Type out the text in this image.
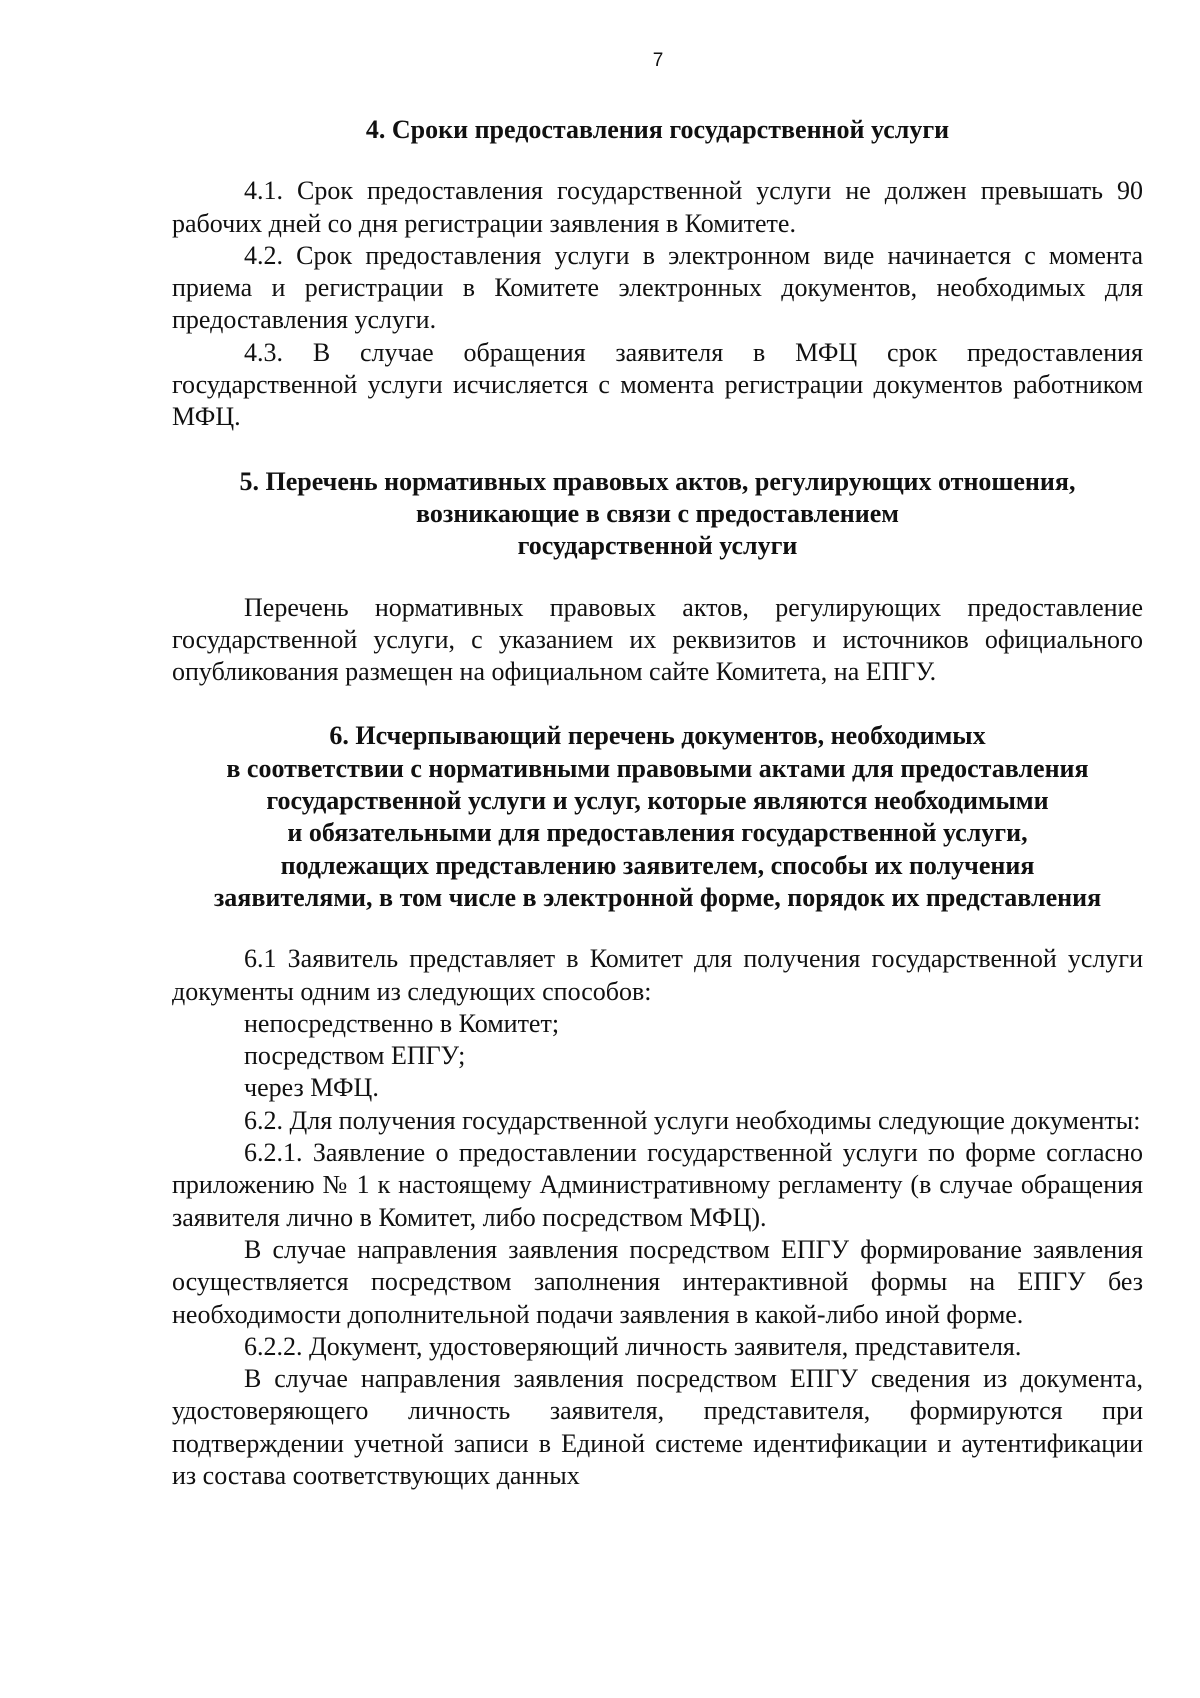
7
4. Сроки предоставления государственной услуги

4.1. Срок предоставления государственной услуги не должен превышать 90 рабочих дней со дня регистрации заявления в Комитете.

4.2. Срок предоставления услуги в электронном виде начинается с момента приема и регистрации в Комитете электронных документов, необходимых для предоставления услуги.

4.3. В случае обращения заявителя в МФЦ срок предоставления государственной услуги исчисляется с момента регистрации документов работником МФЦ.

5. Перечень нормативных правовых актов, регулирующих отношения,
возникающие в связи с предоставлением
государственной услуги

Перечень нормативных правовых актов, регулирующих предоставление государственной услуги, с указанием их реквизитов и источников официального опубликования размещен на официальном сайте Комитета, на ЕПГУ.

6. Исчерпывающий перечень документов, необходимых
в соответствии с нормативными правовыми актами для предоставления
государственной услуги и услуг, которые являются необходимыми
и обязательными для предоставления государственной услуги,
подлежащих представлению заявителем, способы их получения
заявителями, в том числе в электронной форме, порядок их представления

6.1 Заявитель представляет в Комитет для получения государственной услуги документы одним из следующих способов:

непосредственно в Комитет;

посредством ЕПГУ;

через МФЦ.

6.2. Для получения государственной услуги необходимы следующие документы:

6.2.1. Заявление о предоставлении государственной услуги по форме согласно приложению № 1 к настоящему Административному регламенту (в случае обращения заявителя лично в Комитет, либо посредством МФЦ).

В случае направления заявления посредством ЕПГУ формирование заявления осуществляется посредством заполнения интерактивной формы на ЕПГУ без необходимости дополнительной подачи заявления в какой-либо иной форме.

6.2.2. Документ, удостоверяющий личность заявителя, представителя.

В случае направления заявления посредством ЕПГУ сведения из документа, удостоверяющего личность заявителя, представителя, формируются при подтверждении учетной записи в Единой системе идентификации и аутентификации из состава соответствующих данных
